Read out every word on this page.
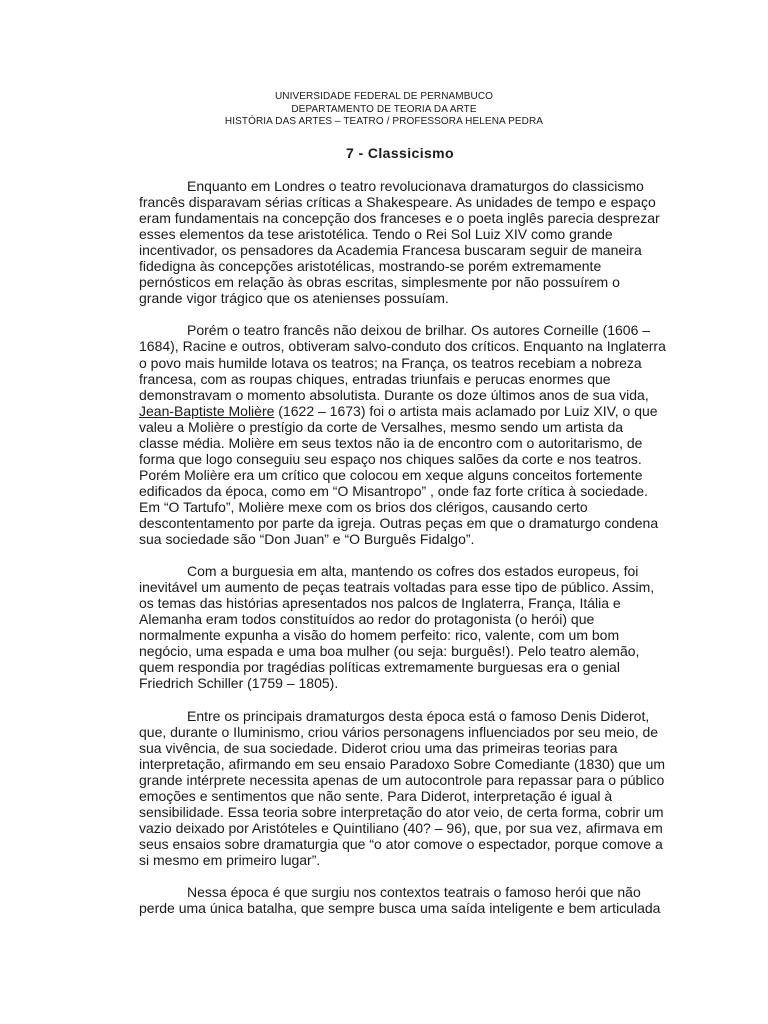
UNIVERSIDADE FEDERAL DE PERNAMBUCO
DEPARTAMENTO DE TEORIA DA ARTE
HISTÓRIA DAS ARTES – TEATRO / PROFESSORA HELENA PEDRA
7 - Classicismo
Enquanto em Londres o teatro revolucionava dramaturgos do classicismo
francês disparavam sérias críticas a Shakespeare. As unidades de tempo e espaço
eram fundamentais na concepção dos franceses e o poeta inglês parecia desprezar
esses elementos da tese aristotélica. Tendo o Rei Sol Luiz XIV como grande
incentivador, os pensadores da Academia Francesa buscaram seguir de maneira
fidedigna às concepções aristotélicas, mostrando-se porém extremamente
pernósticos em relação às obras escritas, simplesmente por não possuírem o
grande vigor trágico que os atenienses possuíam.
Porém o teatro francês não deixou de brilhar. Os autores Corneille (1606 –
1684), Racine e outros, obtiveram salvo-conduto dos críticos. Enquanto na Inglaterra
o povo mais humilde lotava os teatros; na França, os teatros recebiam a nobreza
francesa, com as roupas chiques, entradas triunfais e perucas enormes que
demonstravam o momento absolutista. Durante os doze últimos anos de sua vida,
Jean-Baptiste Molière (1622 – 1673) foi o artista mais aclamado por Luiz XIV, o que
valeu a Molière o prestígio da corte de Versalhes, mesmo sendo um artista da
classe média. Molière em seus textos não ia de encontro com o autoritarismo, de
forma que logo conseguiu seu espaço nos chiques salões da corte e nos teatros.
Porém Molière era um crítico que colocou em xeque alguns conceitos fortemente
edificados da época, como em “O Misantropo” , onde faz forte crítica à sociedade.
Em “O Tartufo”, Molière mexe com os brios dos clérigos, causando certo
descontentamento por parte da igreja. Outras peças em que o dramaturgo condena
sua sociedade são “Don Juan” e “O Burguês Fidalgo”.
Com a burguesia em alta, mantendo os cofres dos estados europeus, foi
inevitável um aumento de peças teatrais voltadas para esse tipo de público. Assim,
os temas das histórias apresentados nos palcos de Inglaterra, França, Itália e
Alemanha eram todos constituídos ao redor do protagonista (o herói) que
normalmente expunha a visão do homem perfeito: rico, valente, com um bom
negócio, uma espada e uma boa mulher (ou seja: burguês!). Pelo teatro alemão,
quem respondia por tragédias políticas extremamente burguesas era o genial
Friedrich Schiller (1759 – 1805).
Entre os principais dramaturgos desta época está o famoso Denis Diderot,
que, durante o Iluminismo, criou vários personagens influenciados por seu meio, de
sua vivência, de sua sociedade. Diderot criou uma das primeiras teorias para
interpretação, afirmando em seu ensaio Paradoxo Sobre Comediante (1830) que um
grande intérprete necessita apenas de um autocontrole para repassar para o público
emoções e sentimentos que não sente. Para Diderot, interpretação é igual à
sensibilidade. Essa teoria sobre interpretação do ator veio, de certa forma, cobrir um
vazio deixado por Aristóteles e Quintiliano (40? – 96), que, por sua vez, afirmava em
seus ensaios sobre dramaturgia que “o ator comove o espectador, porque comove a
si mesmo em primeiro lugar”.
Nessa época é que surgiu nos contextos teatrais o famoso herói que não
perde uma única batalha, que sempre busca uma saída inteligente e bem articulada
